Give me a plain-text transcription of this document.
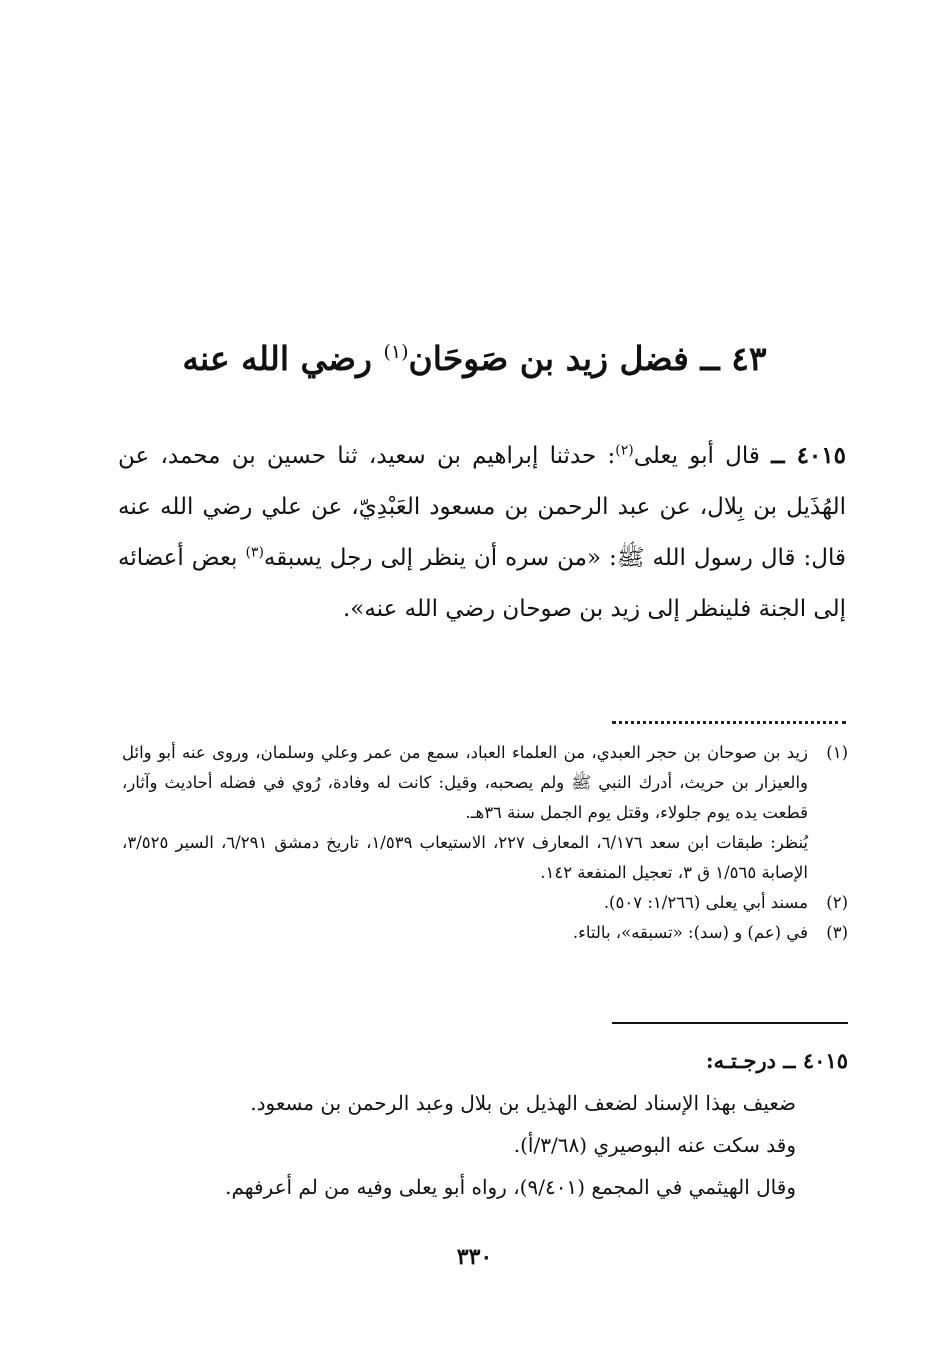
٤٣ ــ فضل زيد بن صَوحَان$^{(١)}$ رضي الله عنه

٤٠١٥ ــ قال أبو يعلى$^{(٢)}$: حدثنا إبراهيم بن سعيد، ثنا حسين بن محمد، عن الهُذَيل بن بِلال، عن عبد الرحمن بن مسعود العَبْدِيّ، عن علي رضي الله عنه قال: قال رسول الله ﷺ: «من سره أن ينظر إلى رجل يسبقه$^{(٣)}$ بعض أعضائه إلى الجنة فلينظر إلى زيد بن صوحان رضي الله عنه».

(١)
زيد بن صوحان بن حجر العبدي، من العلماء العباد، سمع من عمر وعلي وسلمان، وروى عنه أبو وائل والعيزار بن حريث، أدرك النبي ﷺ ولم يصحبه، وقيل: كانت له وفادة، رُوي في فضله أحاديث وآثار، قطعت يده يوم جلولاء، وقتل يوم الجمل سنة ٣٦هـ.
يُنظر: طبقات ابن سعد ٦/١٧٦، المعارف ٢٢٧، الاستيعاب ١/٥٣٩، تاريخ دمشق ٦/٢٩١، السير ٣/٥٢٥، الإصابة ١/٥٦٥ ق ٣، تعجيل المنفعة ١٤٢.
(٢)
مسند أبي يعلى (١/٢٦٦: ٥٠٧).
(٣)
في (عم) و (سد): «تسبقه»، بالتاء.

٤٠١٥ ــ درجـتـه:

ضعيف بهذا الإسناد لضعف الهذيل بن بلال وعبد الرحمن بن مسعود.

وقد سكت عنه البوصيري (٣/٦٨/أ).

وقال الهيثمي في المجمع (٩/٤٠١)، رواه أبو يعلى وفيه من لم أعرفهم.

٣٣٠
